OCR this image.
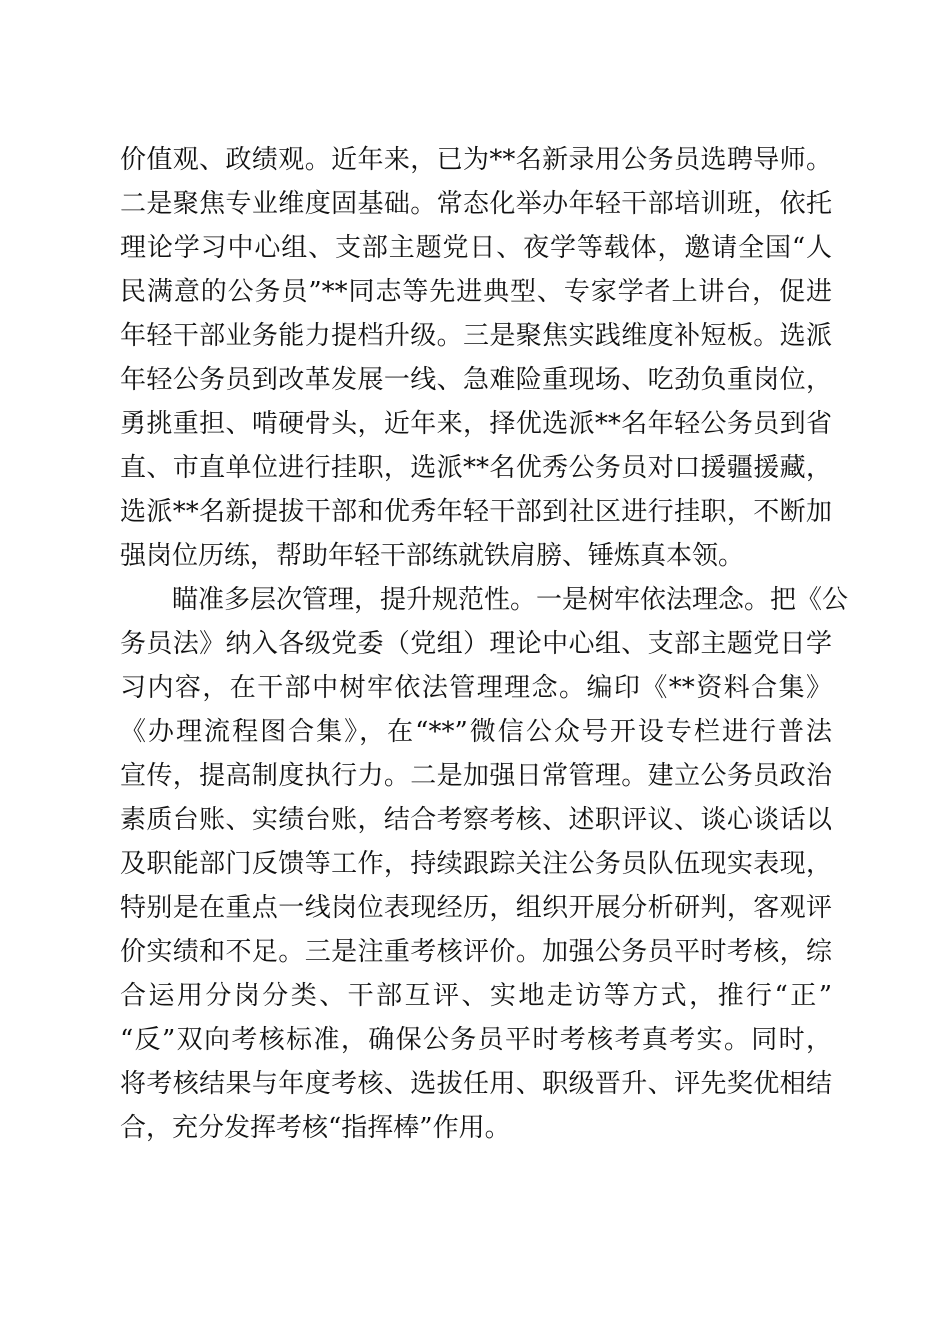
价值观、政绩观。近年来，已为**名新录用公务员选聘导师。
二是聚焦专业维度固基础。常态化举办年轻干部培训班，依托
理论学习中心组、支部主题党日、夜学等载体，邀请全国“人
民满意的公务员”**同志等先进典型、专家学者上讲台，促进
年轻干部业务能力提档升级。三是聚焦实践维度补短板。选派
年轻公务员到改革发展一线、急难险重现场、吃劲负重岗位，
勇挑重担、啃硬骨头，近年来，择优选派**名年轻公务员到省
直、市直单位进行挂职，选派**名优秀公务员对口援疆援藏，
选派**名新提拔干部和优秀年轻干部到社区进行挂职，不断加
强岗位历练，帮助年轻干部练就铁肩膀、锤炼真本领。
瞄准多层次管理，提升规范性。一是树牢依法理念。把《公
务员法》纳入各级党委（党组）理论中心组、支部主题党日学
习内容，在干部中树牢依法管理理念。编印《**资料合集》
《办理流程图合集》，在“**”微信公众号开设专栏进行普法
宣传，提高制度执行力。二是加强日常管理。建立公务员政治
素质台账、实绩台账，结合考察考核、述职评议、谈心谈话以
及职能部门反馈等工作，持续跟踪关注公务员队伍现实表现，
特别是在重点一线岗位表现经历，组织开展分析研判，客观评
价实绩和不足。三是注重考核评价。加强公务员平时考核，综
合运用分岗分类、干部互评、实地走访等方式，推行“正”
“反”双向考核标准，确保公务员平时考核考真考实。同时，
将考核结果与年度考核、选拔任用、职级晋升、评先奖优相结
合，充分发挥考核“指挥棒”作用。
